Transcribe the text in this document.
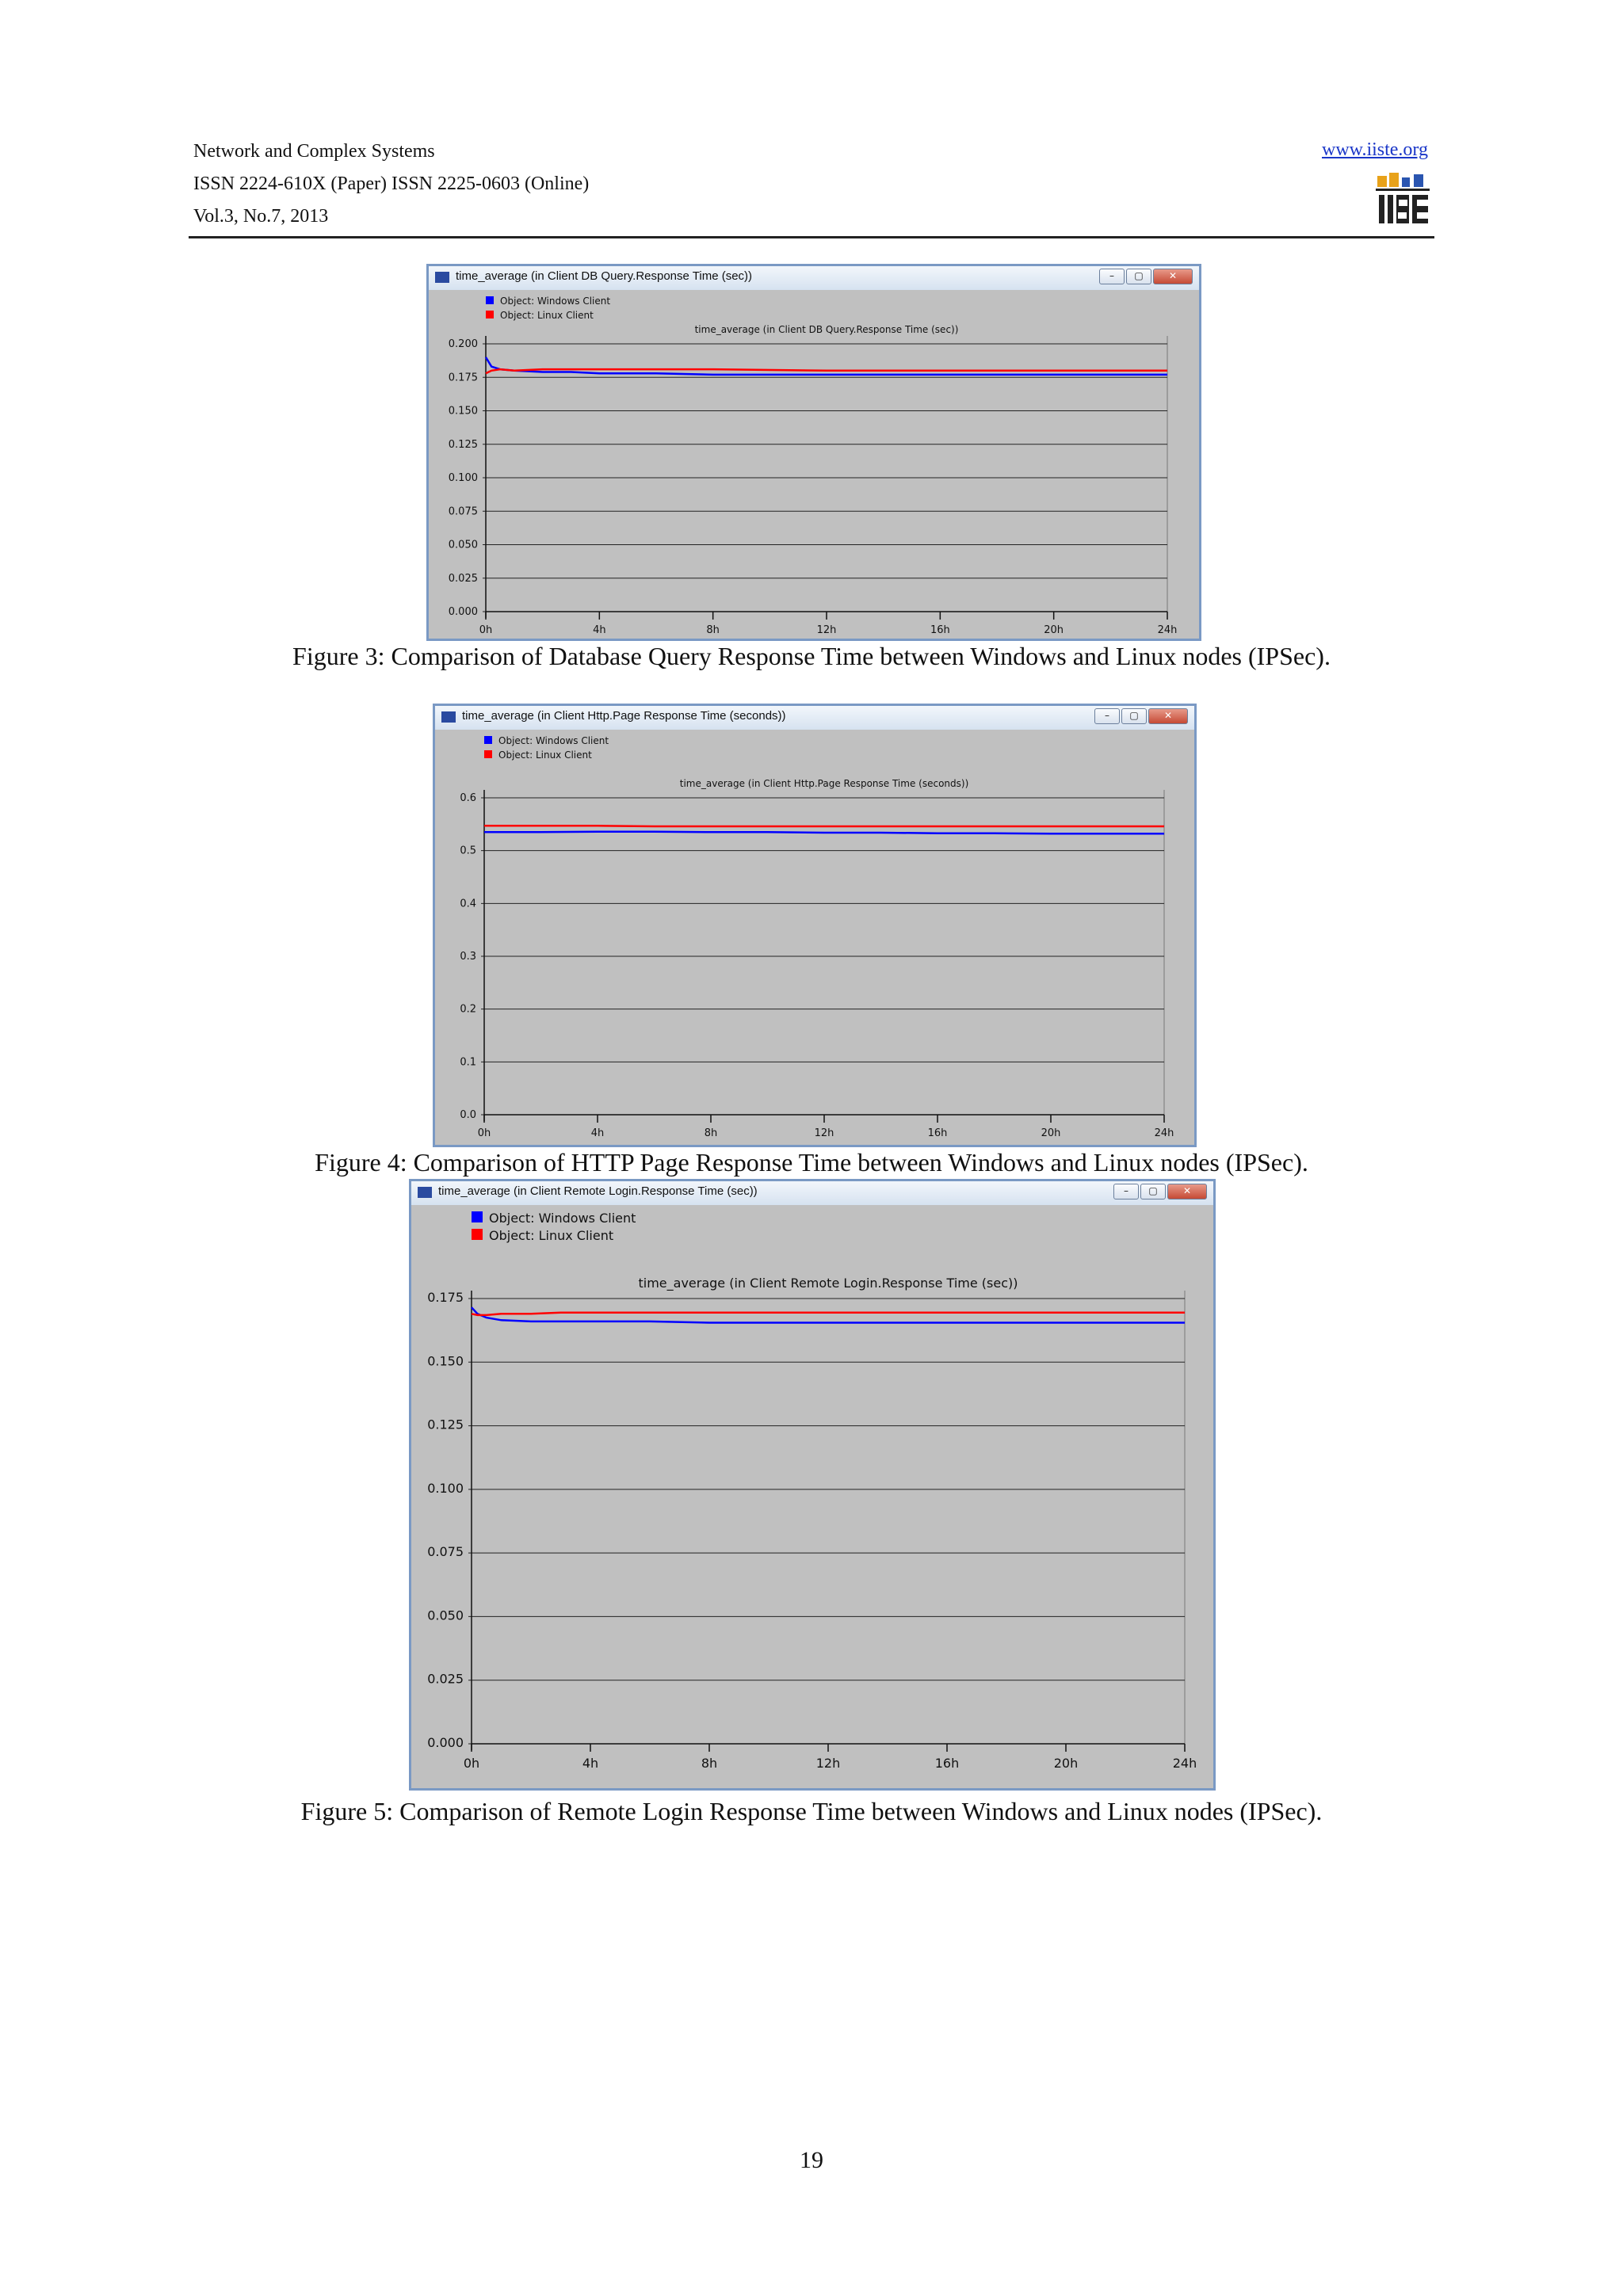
Network and Complex Systems
ISSN 2224-610X (Paper) ISSN 2225-0603 (Online)
Vol.3, No.7, 2013
www.iiste.org
time_average (in Client DB Query.Response Time (sec))	–	▢	✕
0.000
0.025
0.050
0.075
0.100
0.125
0.150
0.175
0.200
0h	4h	8h	12h	16h	20h	24h
time_average (in Client DB Query.Response Time (sec))
Object: Windows Client
Object: Linux Client
Figure 3: Comparison of Database Query Response Time between Windows and Linux nodes (IPSec).
time_average (in Client Http.Page Response Time (seconds))	–	▢	✕
0.0
0.1
0.2
0.3
0.4
0.5
0.6
0h	4h	8h	12h	16h	20h	24h
time_average (in Client Http.Page Response Time (seconds))
Object: Windows Client
Object: Linux Client
Figure 4: Comparison of HTTP Page Response Time between Windows and Linux nodes (IPSec).
time_average (in Client Remote Login.Response Time (sec))	–	▢	✕
0.000
0.025
0.050
0.075
0.100
0.125
0.150
0.175
0h	4h	8h	12h	16h	20h	24h
time_average (in Client Remote Login.Response Time (sec))
Object: Windows Client
Object: Linux Client
Figure 5: Comparison of Remote Login Response Time between Windows and Linux nodes (IPSec).
19
